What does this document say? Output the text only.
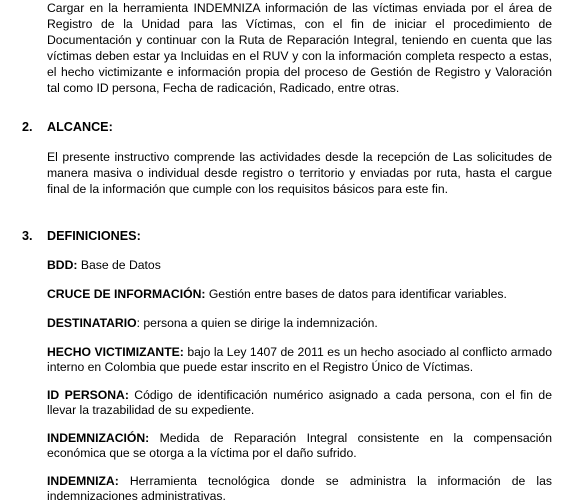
Cargar en la herramienta INDEMNIZA información de las víctimas enviada por el área de Registro de la Unidad para las Víctimas, con el fin de iniciar el procedimiento de Documentación y continuar con la Ruta de Reparación Integral, teniendo en cuenta que las víctimas deben estar ya Incluidas en el RUV y con la información completa respecto a estas, el hecho victimizante e información propia del proceso de Gestión de Registro y Valoración tal como ID persona, Fecha de radicación, Radicado, entre otras.

2. ALCANCE:

El presente instructivo comprende las actividades desde la recepción de Las solicitudes de manera masiva o individual desde registro o territorio y enviadas por ruta, hasta el cargue final de la información que cumple con los requisitos básicos para este fin.

3. DEFINICIONES:

BDD: Base de Datos

CRUCE DE INFORMACIÓN: Gestión entre bases de datos para identificar variables.

DESTINATARIO: persona a quien se dirige la indemnización.

HECHO VICTIMIZANTE: bajo la Ley 1407 de 2011 es un hecho asociado al conflicto armado interno en Colombia que puede estar inscrito en el Registro Único de Víctimas.

ID PERSONA: Código de identificación numérico asignado a cada persona, con el fin de llevar la trazabilidad de su expediente.

INDEMNIZACIÓN: Medida de Reparación Integral consistente en la compensación económica que se otorga a la víctima por el daño sufrido.

INDEMNIZA: Herramienta tecnológica donde se administra la información de las indemnizaciones administrativas.
